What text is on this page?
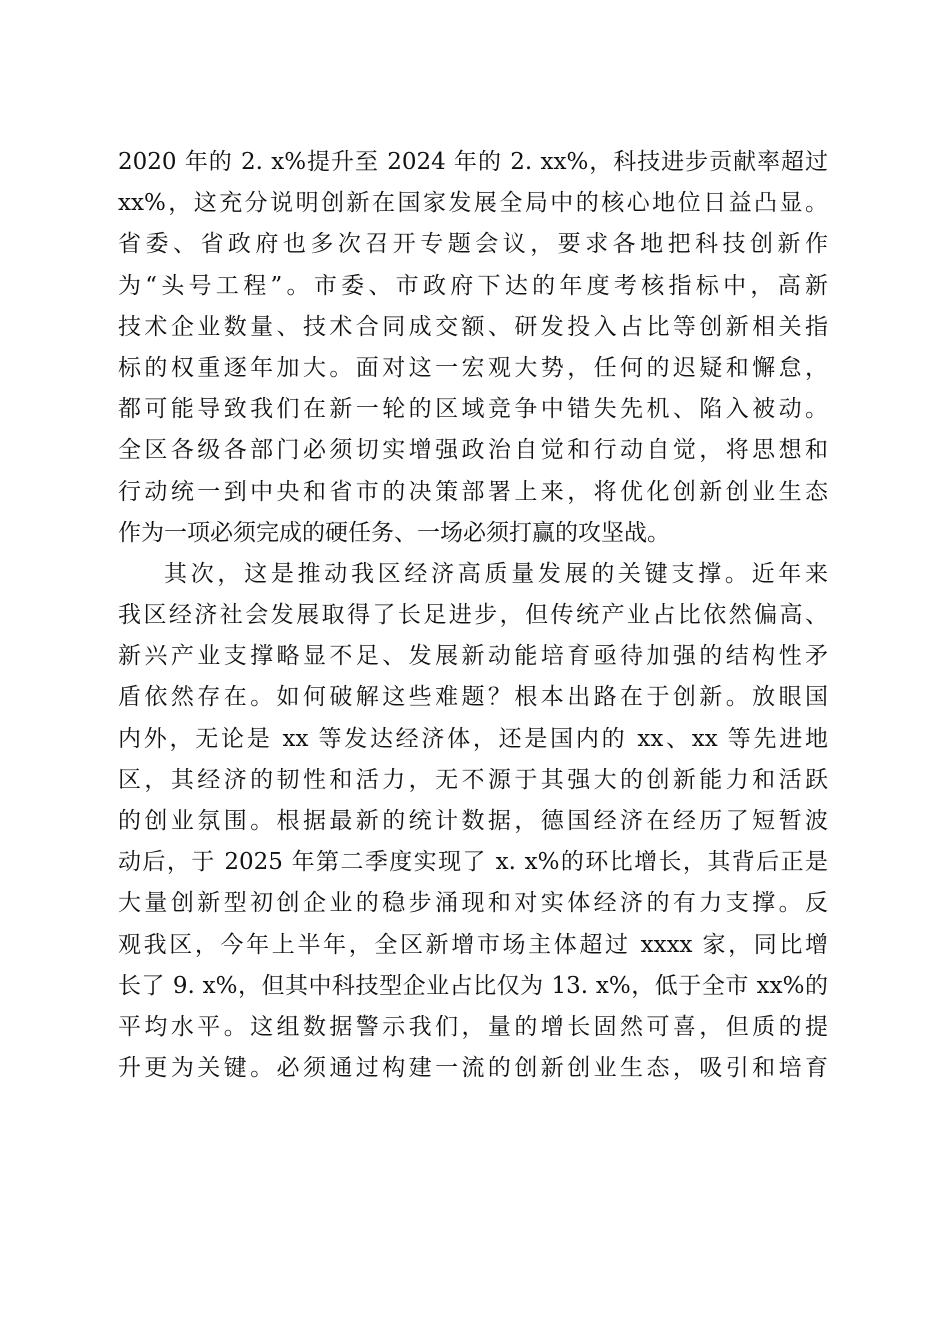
2020 年的 2. x%提升至 2024 年的 2. xx%，科技进步贡献率超过
xx%，这充分说明创新在国家发展全局中的核心地位日益凸显。
省委、省政府也多次召开专题会议，要求各地把科技创新作
为“头号工程”。市委、市政府下达的年度考核指标中，高新
技术企业数量、技术合同成交额、研发投入占比等创新相关指
标的权重逐年加大。面对这一宏观大势，任何的迟疑和懈怠，
都可能导致我们在新一轮的区域竞争中错失先机、陷入被动。
全区各级各部门必须切实增强政治自觉和行动自觉，将思想和
行动统一到中央和省市的决策部署上来，将优化创新创业生态
作为一项必须完成的硬任务、一场必须打赢的攻坚战。
其次，这是推动我区经济高质量发展的关键支撑。近年来
我区经济社会发展取得了长足进步，但传统产业占比依然偏高、
新兴产业支撑略显不足、发展新动能培育亟待加强的结构性矛
盾依然存在。如何破解这些难题？根本出路在于创新。放眼国
内外，无论是 xx 等发达经济体，还是国内的 xx、xx 等先进地
区，其经济的韧性和活力，无不源于其强大的创新能力和活跃
的创业氛围。根据最新的统计数据，德国经济在经历了短暂波
动后，于 2025 年第二季度实现了 x. x%的环比增长，其背后正是
大量创新型初创企业的稳步涌现和对实体经济的有力支撑。反
观我区，今年上半年，全区新增市场主体超过 xxxx 家，同比增
长了 9. x%，但其中科技型企业占比仅为 13. x%，低于全市 xx%的
平均水平。这组数据警示我们，量的增长固然可喜，但质的提
升更为关键。必须通过构建一流的创新创业生态，吸引和培育
